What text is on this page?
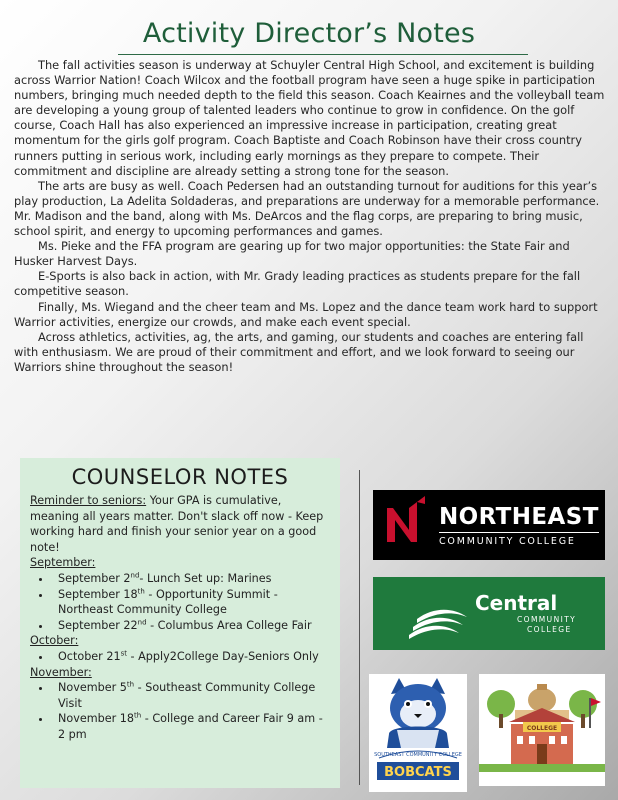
Activity Director’s Notes

The fall activities season is underway at Schuyler Central High School, and excitement is building across Warrior Nation! Coach Wilcox and the football program have seen a huge spike in participation numbers, bringing much needed depth to the field this season. Coach Keairnes and the volleyball team are developing a young group of talented leaders who continue to grow in confidence. On the golf course, Coach Hall has also experienced an impressive increase in participation, creating great momentum for the girls golf program. Coach Baptiste and Coach Robinson have their cross country runners putting in serious work, including early mornings as they prepare to compete. Their commitment and discipline are already setting a strong tone for the season.

The arts are busy as well. Coach Pedersen had an outstanding turnout for auditions for this year’s play production, La Adelita Soldaderas, and preparations are underway for a memorable performance. Mr. Madison and the band, along with Ms. DeArcos and the flag corps, are preparing to bring music, school spirit, and energy to upcoming performances and games.

Ms. Pieke and the FFA program are gearing up for two major opportunities: the State Fair and Husker Harvest Days.

E-Sports is also back in action, with Mr. Grady leading practices as students prepare for the fall competitive season.

Finally, Ms. Wiegand and the cheer team and Ms. Lopez and the dance team work hard to support Warrior activities, energize our crowds, and make each event special.

Across athletics, activities, ag, the arts, and gaming, our students and coaches are entering fall with enthusiasm. We are proud of their commitment and effort, and we look forward to seeing our Warriors shine throughout the season!

COUNSELOR NOTES
Reminder to seniors: Your GPA is cumulative, meaning all years matter. Don't slack off now - Keep working hard and finish your senior year on a good note!
September:
• September 2nd- Lunch Set up: Marines
• September 18th - Opportunity Summit - Northeast Community College
• September 22nd - Columbus Area College Fair
October:
• October 21st - Apply2College Day-Seniors Only
November:
• November 5th - Southeast Community College Visit
• November 18th - College and Career Fair 9 am - 2 pm
NORTHEAST
COMMUNITY COLLEGE
Central
COMMUNITY
COLLEGE
SOUTHEAST COMMUNITY COLLEGE
BOBCATS
COLLEGE
